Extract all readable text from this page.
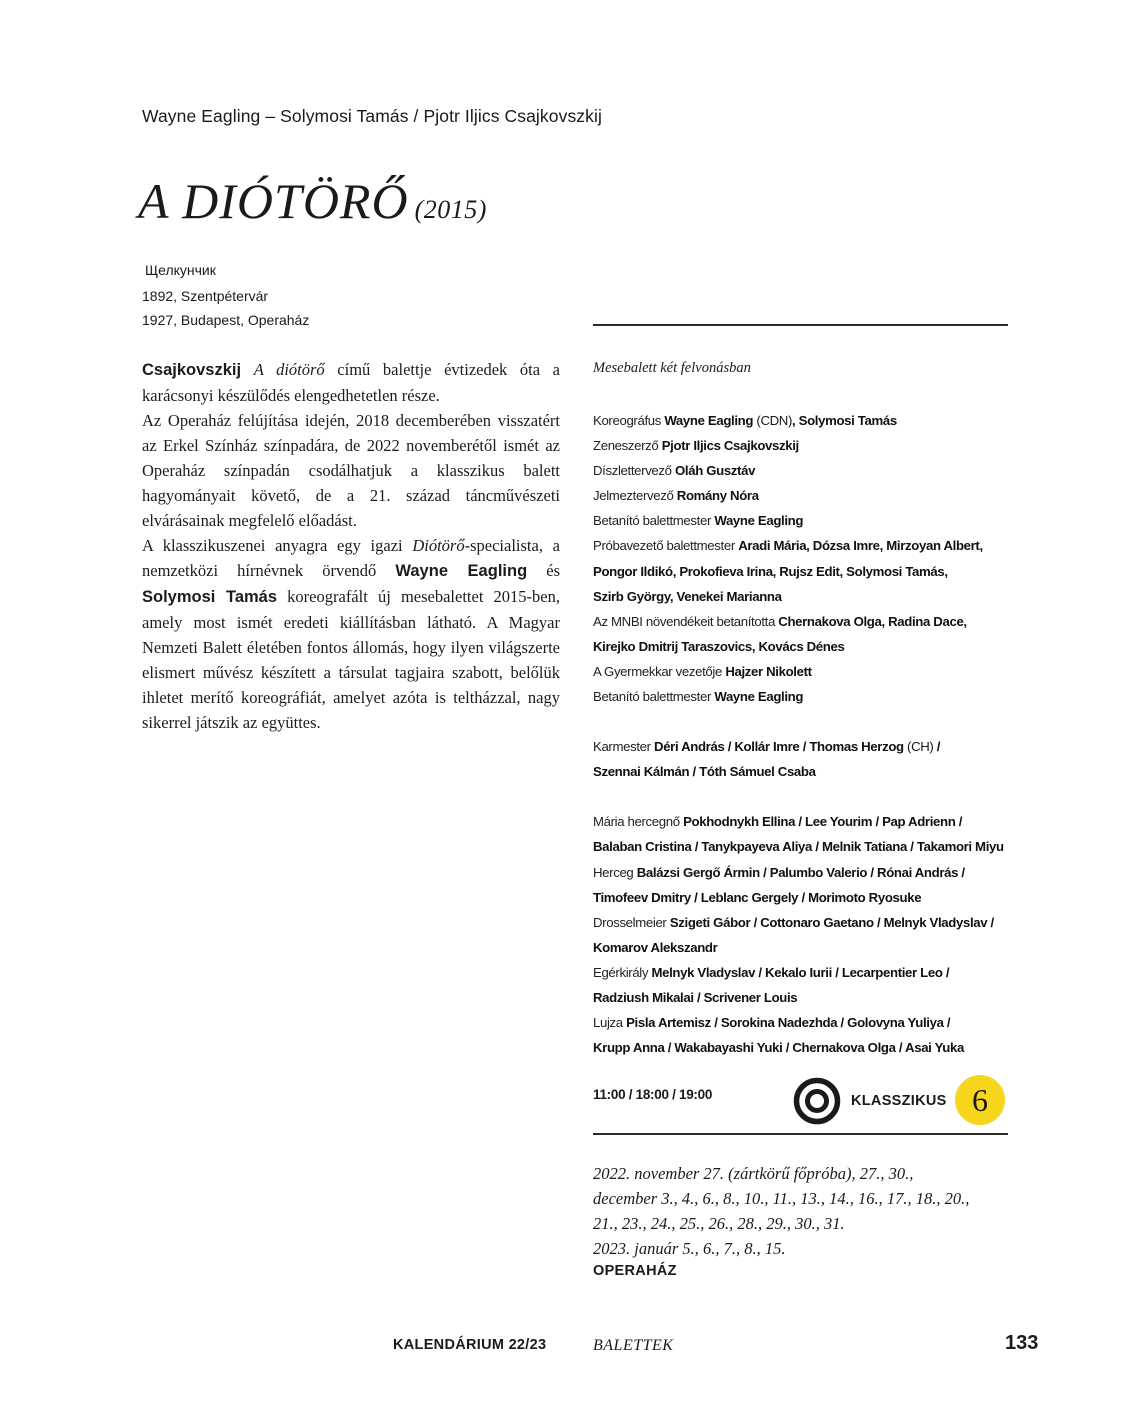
Wayne Eagling – Solymosi Tamás / Pjotr Iljics Csajkovszkij
A DIÓTÖRŐ (2015)
Щелкунчик
1892, Szentpétervár
1927, Budapest, Operaház

Csajkovszkij A diótörő című balettje évtizedek óta a karácsonyi készülődés elengedhetetlen része.

Az Operaház felújítása idején, 2018 decemberében visszatért az Erkel Színház színpadára, de 2022 novemberétől ismét az Operaház színpadán csodálhatjuk a klasszikus balett hagyományait követő, de a 21. század táncművészeti elvárásainak megfelelő előadást.

A klasszikuszenei anyagra egy igazi Diótörő-specialista, a nemzetközi hírnévnek örvendő Wayne Eagling és Solymosi Tamás koreografált új mesebalettet 2015-ben, amely most ismét eredeti kiállításban látható. A Magyar Nemzeti Balett életében fontos állomás, hogy ilyen világszerte elismert művész készített a társulat tagjaira szabott, belőlük ihletet merítő koreográfiát, amelyet azóta is teltházzal, nagy sikerrel játszik az együttes.

Mesebalett két felvonásban
Koreográfus Wayne Eagling (CDN), Solymosi Tamás
Zeneszerző Pjotr Iljics Csajkovszkij
Díszlettervező Oláh Gusztáv
Jelmeztervező Romány Nóra
Betanító balettmester Wayne Eagling
Próbavezető balettmester Aradi Mária, Dózsa Imre, Mirzoyan Albert,
Pongor Ildikó, Prokofieva Irina, Rujsz Edit, Solymosi Tamás,
Szirb György, Venekei Marianna
Az MNBI növendékeit betanította Chernakova Olga, Radina Dace,
Kirejko Dmitrij Taraszovics, Kovács Dénes
A Gyermekkar vezetője Hajzer Nikolett
Betanító balettmester Wayne Eagling
Karmester Déri András / Kollár Imre / Thomas Herzog (CH) /
Szennai Kálmán / Tóth Sámuel Csaba
Mária hercegnő Pokhodnykh Ellina / Lee Yourim / Pap Adrienn /
Balaban Cristina / Tanykpayeva Aliya / Melnik Tatiana / Takamori Miyu
Herceg Balázsi Gergő Ármin / Palumbo Valerio / Rónai András /
Timofeev Dmitry / Leblanc Gergely / Morimoto Ryosuke
Drosselmeier Szigeti Gábor / Cottonaro Gaetano / Melnyk Vladyslav /
Komarov Alekszandr
Egérkirály Melnyk Vladyslav / Kekalo Iurii / Lecarpentier Leo /
Radziush Mikalai / Scrivener Louis
Lujza Pisla Artemisz / Sorokina Nadezhda / Golovyna Yuliya /
Krupp Anna / Wakabayashi Yuki / Chernakova Olga / Asai Yuka
11:00 / 18:00 / 19:00	KLASSZIKUS 6
2022. november 27. (zártkörű főpróba), 27., 30.,
december 3., 4., 6., 8., 10., 11., 13., 14., 16., 17., 18., 20.,
21., 23., 24., 25., 26., 28., 29., 30., 31.
2023. január 5., 6., 7., 8., 15.
OPERAHÁZ
KALENDÁRIUM 22/23	BALETTEK	133
